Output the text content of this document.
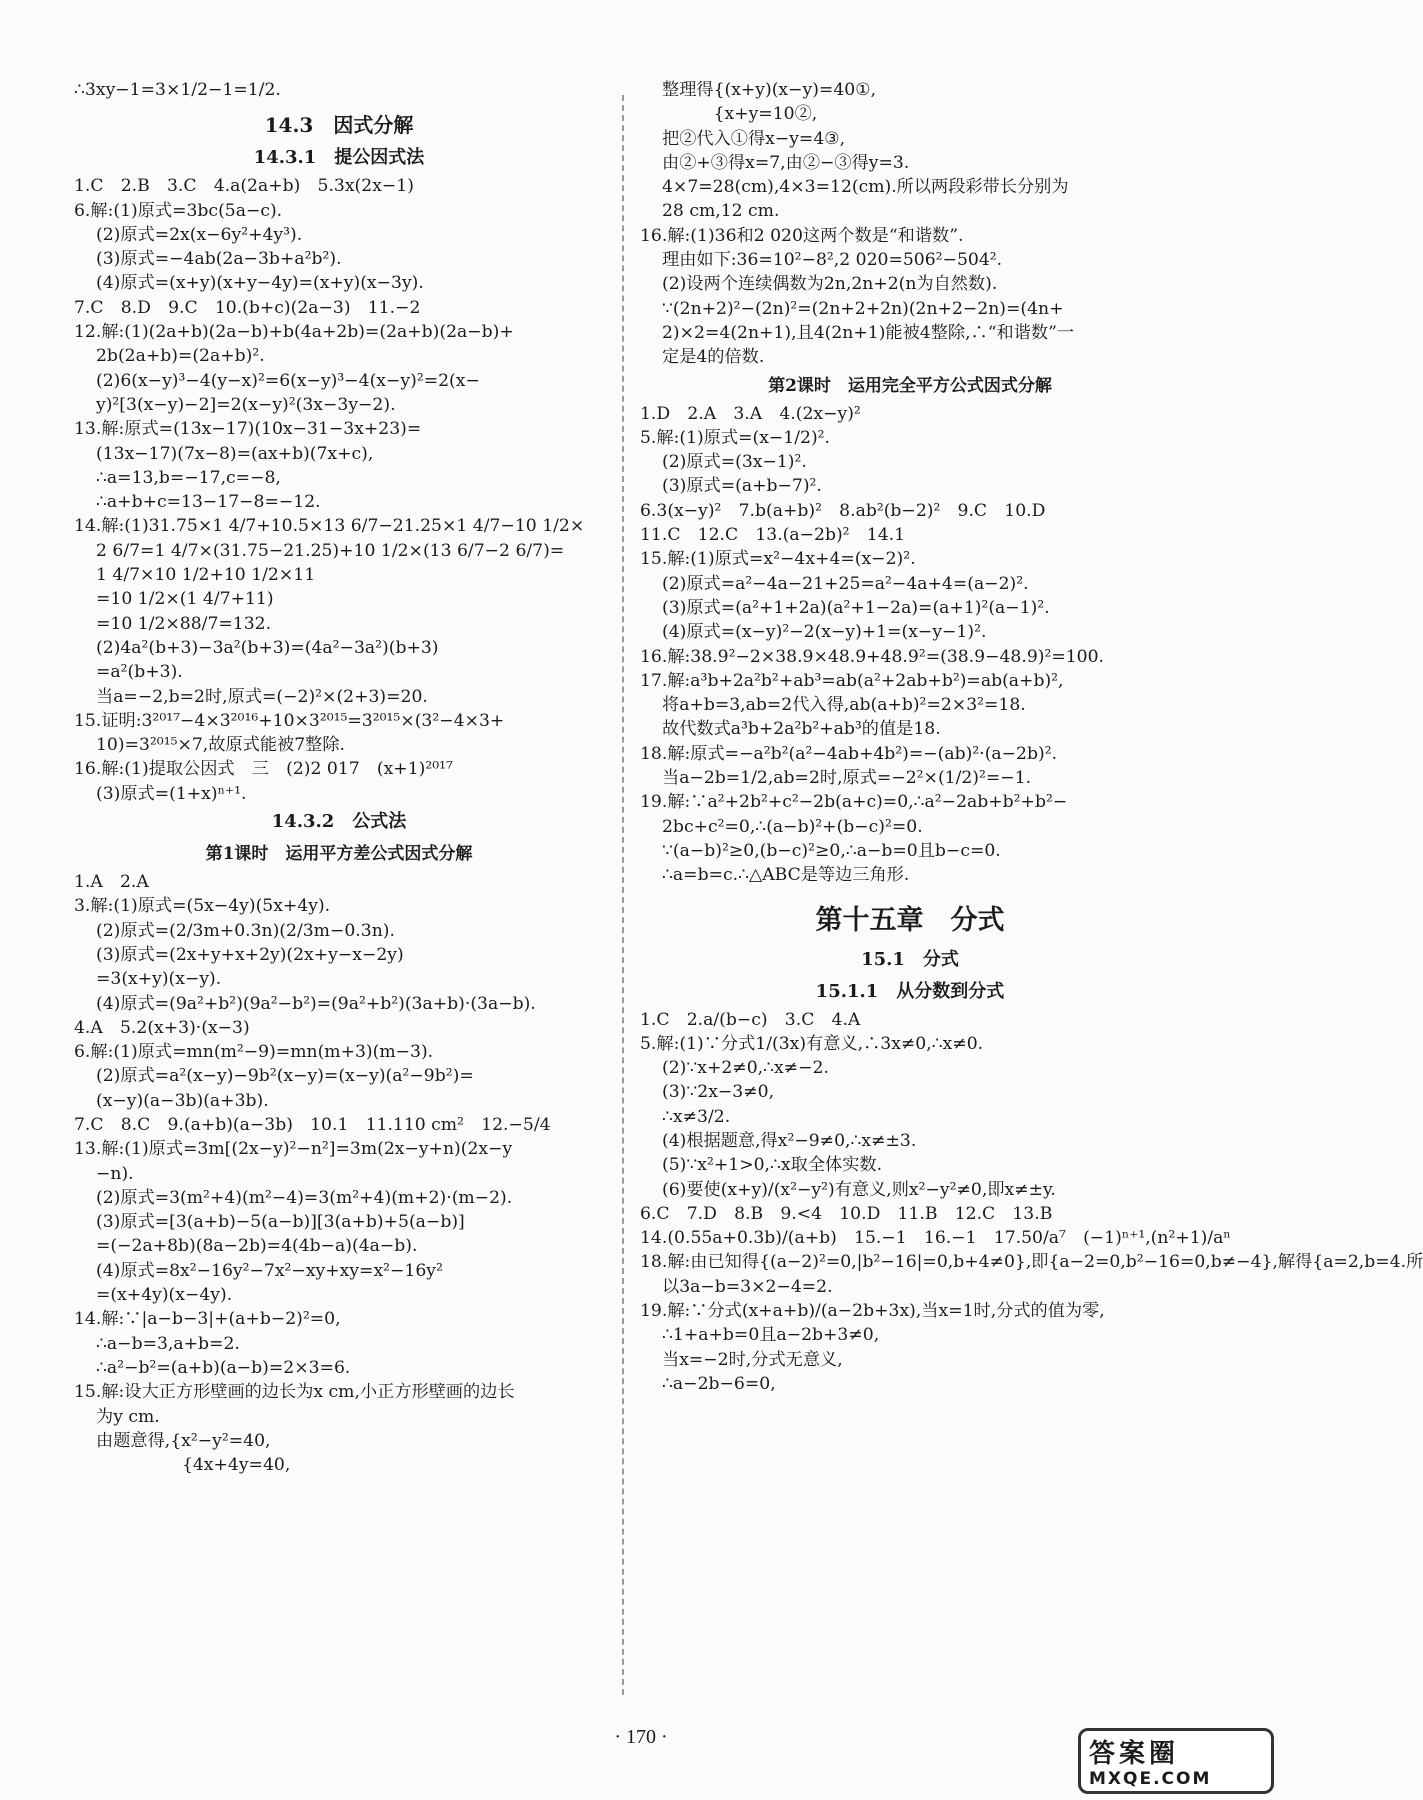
∴3xy−1=3×1/2−1=1/2.
14.3　因式分解
14.3.1　提公因式法
1.C　2.B　3.C　4.a(2a+b)　5.3x(2x−1)
6.解:(1)原式=3bc(5a−c).
(2)原式=2x(x−6y²+4y³).
(3)原式=−4ab(2a−3b+a²b²).
(4)原式=(x+y)(x+y−4y)=(x+y)(x−3y).
7.C　8.D　9.C　10.(b+c)(2a−3)　11.−2
12.解:(1)(2a+b)(2a−b)+b(4a+2b)=(2a+b)(2a−b)+
2b(2a+b)=(2a+b)².
(2)6(x−y)³−4(y−x)²=6(x−y)³−4(x−y)²=2(x−
y)²[3(x−y)−2]=2(x−y)²(3x−3y−2).
13.解:原式=(13x−17)(10x−31−3x+23)=
(13x−17)(7x−8)=(ax+b)(7x+c),
∴a=13,b=−17,c=−8,
∴a+b+c=13−17−8=−12.
14.解:(1)31.75×1 4/7+10.5×13 6/7−21.25×1 4/7−10 1/2×
2 6/7=1 4/7×(31.75−21.25)+10 1/2×(13 6/7−2 6/7)=
1 4/7×10 1/2+10 1/2×11
=10 1/2×(1 4/7+11)
=10 1/2×88/7=132.
(2)4a²(b+3)−3a²(b+3)=(4a²−3a²)(b+3)
=a²(b+3).
当a=−2,b=2时,原式=(−2)²×(2+3)=20.
15.证明:3²⁰¹⁷−4×3²⁰¹⁶+10×3²⁰¹⁵=3²⁰¹⁵×(3²−4×3+
10)=3²⁰¹⁵×7,故原式能被7整除.
16.解:(1)提取公因式　三　(2)2 017　(x+1)²⁰¹⁷
(3)原式=(1+x)ⁿ⁺¹.
14.3.2　公式法
第1课时　运用平方差公式因式分解
1.A　2.A
3.解:(1)原式=(5x−4y)(5x+4y).
(2)原式=(2/3m+0.3n)(2/3m−0.3n).
(3)原式=(2x+y+x+2y)(2x+y−x−2y)
=3(x+y)(x−y).
(4)原式=(9a²+b²)(9a²−b²)=(9a²+b²)(3a+b)·(3a−b).
4.A　5.2(x+3)·(x−3)
6.解:(1)原式=mn(m²−9)=mn(m+3)(m−3).
(2)原式=a²(x−y)−9b²(x−y)=(x−y)(a²−9b²)=
(x−y)(a−3b)(a+3b).
7.C　8.C　9.(a+b)(a−3b)　10.1　11.110 cm²　12.−5/4
13.解:(1)原式=3m[(2x−y)²−n²]=3m(2x−y+n)(2x−y
−n).
(2)原式=3(m²+4)(m²−4)=3(m²+4)(m+2)·(m−2).
(3)原式=[3(a+b)−5(a−b)][3(a+b)+5(a−b)]
=(−2a+8b)(8a−2b)=4(4b−a)(4a−b).
(4)原式=8x²−16y²−7x²−xy+xy=x²−16y²
=(x+4y)(x−4y).
14.解:∵|a−b−3|+(a+b−2)²=0,
∴a−b=3,a+b=2.
∴a²−b²=(a+b)(a−b)=2×3=6.
15.解:设大正方形壁画的边长为x cm,小正方形壁画的边长
为y cm.
由题意得,{x²−y²=40,
　　　　　{4x+4y=40,
整理得{(x+y)(x−y)=40①,
　　　{x+y=10②,
把②代入①得x−y=4③,
由②+③得x=7,由②−③得y=3.
4×7=28(cm),4×3=12(cm).所以两段彩带长分别为
28 cm,12 cm.
16.解:(1)36和2 020这两个数是“和谐数”.
理由如下:36=10²−8²,2 020=506²−504².
(2)设两个连续偶数为2n,2n+2(n为自然数).
∵(2n+2)²−(2n)²=(2n+2+2n)(2n+2−2n)=(4n+
2)×2=4(2n+1),且4(2n+1)能被4整除,∴“和谐数”一
定是4的倍数.
第2课时　运用完全平方公式因式分解
1.D　2.A　3.A　4.(2x−y)²
5.解:(1)原式=(x−1/2)².
(2)原式=(3x−1)².
(3)原式=(a+b−7)².
6.3(x−y)²　7.b(a+b)²　8.ab²(b−2)²　9.C　10.D
11.C　12.C　13.(a−2b)²　14.1
15.解:(1)原式=x²−4x+4=(x−2)².
(2)原式=a²−4a−21+25=a²−4a+4=(a−2)².
(3)原式=(a²+1+2a)(a²+1−2a)=(a+1)²(a−1)².
(4)原式=(x−y)²−2(x−y)+1=(x−y−1)².
16.解:38.9²−2×38.9×48.9+48.9²=(38.9−48.9)²=100.
17.解:a³b+2a²b²+ab³=ab(a²+2ab+b²)=ab(a+b)²,
将a+b=3,ab=2代入得,ab(a+b)²=2×3²=18.
故代数式a³b+2a²b²+ab³的值是18.
18.解:原式=−a²b²(a²−4ab+4b²)=−(ab)²·(a−2b)².
当a−2b=1/2,ab=2时,原式=−2²×(1/2)²=−1.
19.解:∵a²+2b²+c²−2b(a+c)=0,∴a²−2ab+b²+b²−
2bc+c²=0,∴(a−b)²+(b−c)²=0.
∵(a−b)²≥0,(b−c)²≥0,∴a−b=0且b−c=0.
∴a=b=c.∴△ABC是等边三角形.
第十五章　分式
15.1　分式
15.1.1　从分数到分式
1.C　2.a/(b−c)　3.C　4.A
5.解:(1)∵分式1/(3x)有意义,∴3x≠0,∴x≠0.
(2)∵x+2≠0,∴x≠−2.
(3)∵2x−3≠0,
∴x≠3/2.
(4)根据题意,得x²−9≠0,∴x≠±3.
(5)∵x²+1>0,∴x取全体实数.
(6)要使(x+y)/(x²−y²)有意义,则x²−y²≠0,即x≠±y.
6.C　7.D　8.B　9.<4　10.D　11.B　12.C　13.B
14.(0.55a+0.3b)/(a+b)　15.−1　16.−1　17.50/a⁷　(−1)ⁿ⁺¹,(n²+1)/aⁿ
18.解:由已知得{(a−2)²=0,|b²−16|=0,b+4≠0},即{a−2=0,b²−16=0,b≠−4},解得{a=2,b=4.所
以3a−b=3×2−4=2.
19.解:∵分式(x+a+b)/(a−2b+3x),当x=1时,分式的值为零,
∴1+a+b=0且a−2b+3≠0,
当x=−2时,分式无意义,
∴a−2b−6=0,
· 170 ·
答案圈
MXQE.COM
